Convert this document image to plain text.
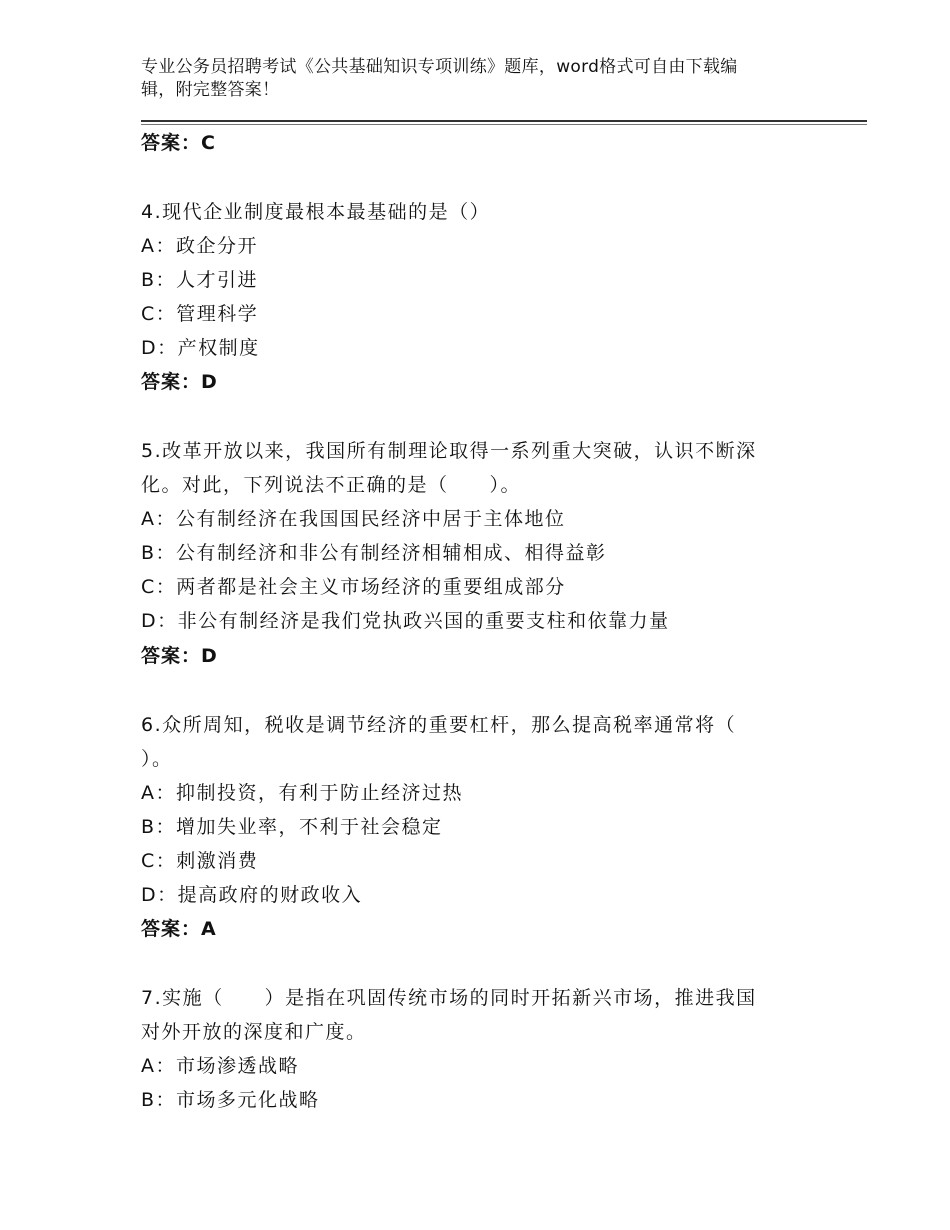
专业公务员招聘考试《公共基础知识专项训练》题库，word格式可自由下载编
辑，附完整答案！
答案：C
4.现代企业制度最根本最基础的是（）
A：政企分开
B：人才引进
C：管理科学
D：产权制度
答案：D
5.改革开放以来，我国所有制理论取得一系列重大突破，认识不断深
化。对此，下列说法不正确的是（　　）。
A：公有制经济在我国国民经济中居于主体地位
B：公有制经济和非公有制经济相辅相成、相得益彰
C：两者都是社会主义市场经济的重要组成部分
D：非公有制经济是我们党执政兴国的重要支柱和依靠力量
答案：D
6.众所周知，税收是调节经济的重要杠杆，那么提高税率通常将（
）。
A：抑制投资，有利于防止经济过热
B：增加失业率，不利于社会稳定
C：刺激消费
D：提高政府的财政收入
答案：A
7.实施（　　）是指在巩固传统市场的同时开拓新兴市场，推进我国
对外开放的深度和广度。
A：市场渗透战略
B：市场多元化战略
